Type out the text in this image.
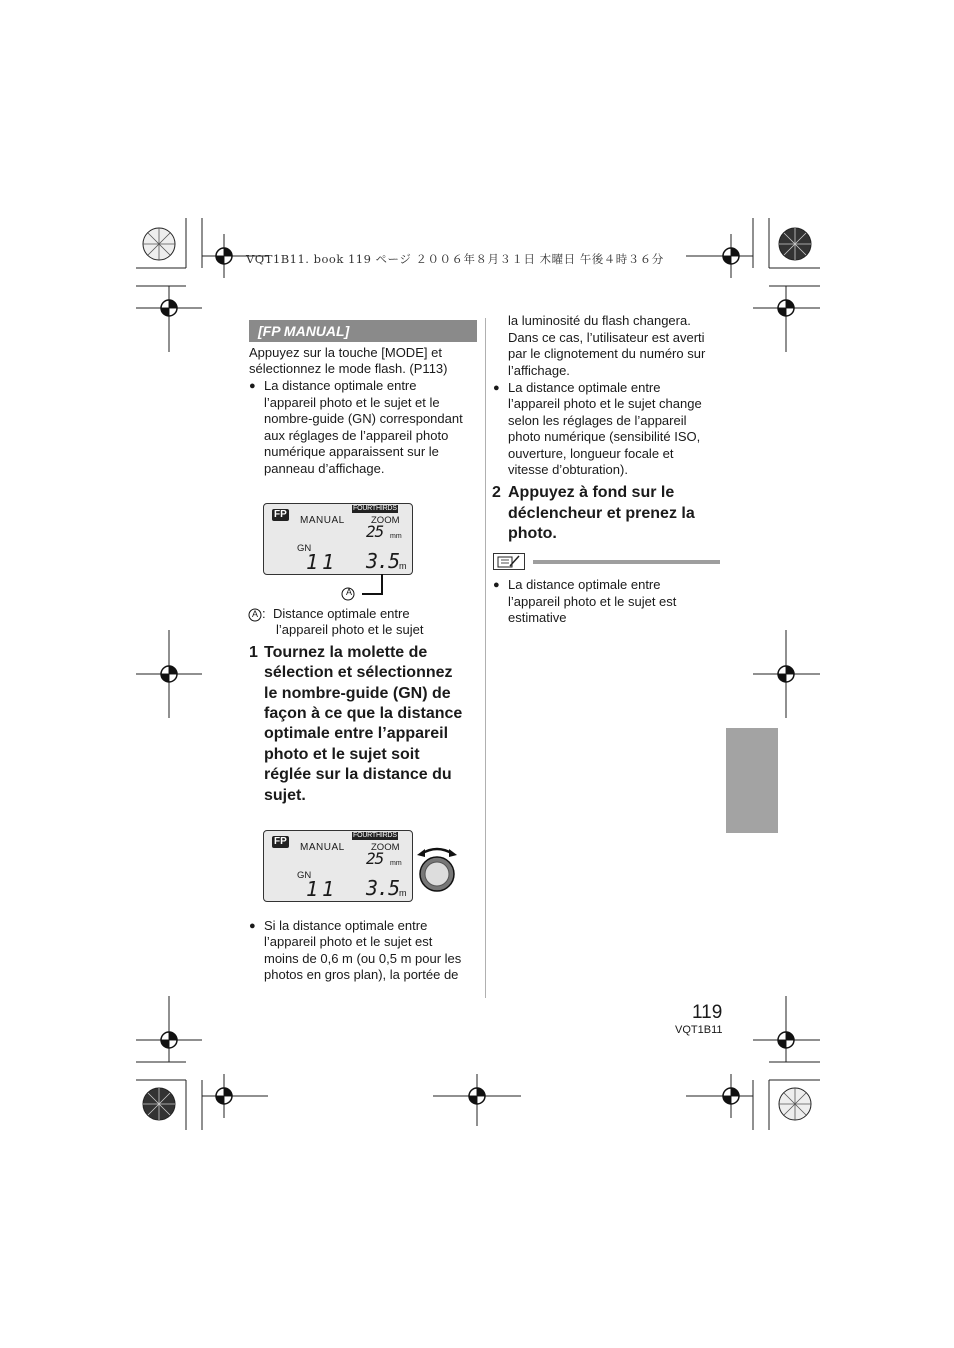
VQT1B11. book 119 ページ ２００６年８月３１日 木曜日 午後４時３６分
[FP MANUAL]
Appuyez sur la touche [MODE] et
sélectionnez le mode flash. (P113)
● La distance optimale entre
l’appareil photo et le sujet et le
nombre-guide (GN) correspondant
aux réglages de l’appareil photo
numérique apparaissent sur le
panneau d’affichage.
FP
MANUAL
FOURTHIRDS
ZOOM
25 mm
GN
11 3.5 m
A
A : Distance optimale entre
l’appareil photo et le sujet
1 Tournez la molette de
sélection et sélectionnez
le nombre-guide (GN) de
façon à ce que la distance
optimale entre l’appareil
photo et le sujet soit
réglée sur la distance du
sujet.
FP
MANUAL
FOURTHIRDS
ZOOM
25 mm
GN
11 3.5 m
● Si la distance optimale entre
l’appareil photo et le sujet est
moins de 0,6 m (ou 0,5 m pour les
photos en gros plan), la portée de
la luminosité du flash changera.
Dans ce cas, l’utilisateur est averti
par le clignotement du numéro sur
l’affichage.
● La distance optimale entre
l’appareil photo et le sujet change
selon les réglages de l’appareil
photo numérique (sensibilité ISO,
ouverture, longueur focale et
vitesse d’obturation).
2 Appuyez à fond sur le
déclencheur et prenez la
photo.
● La distance optimale entre
l’appareil photo et le sujet est
estimative
119
VQT1B11
